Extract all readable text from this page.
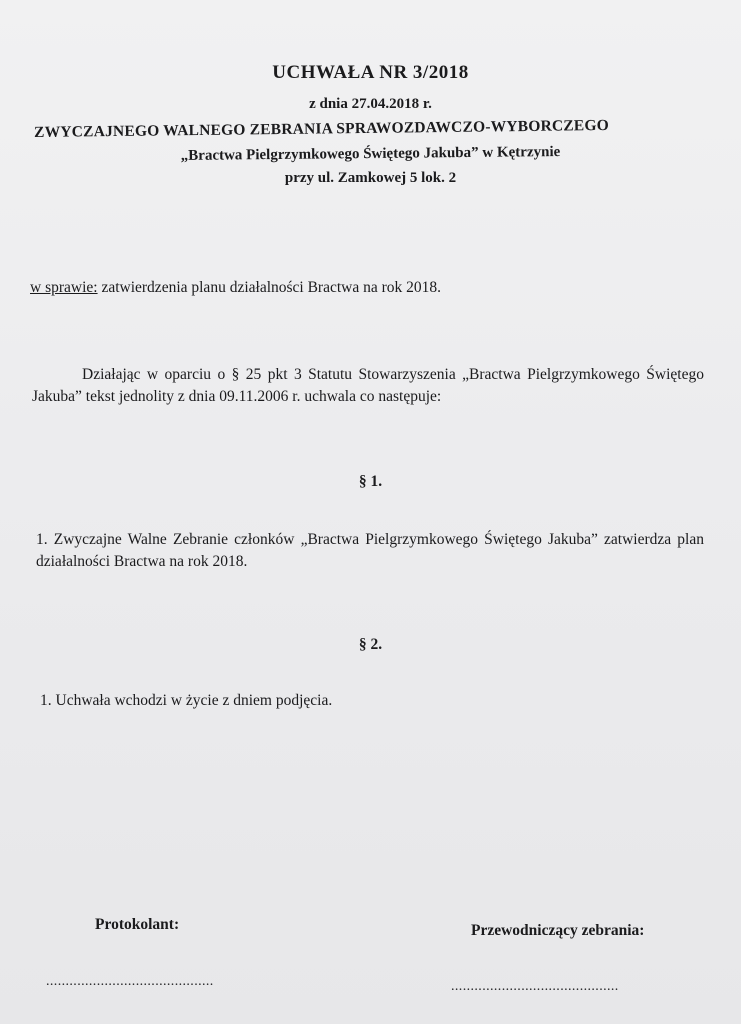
UCHWAŁA NR 3/2018
z dnia 27.04.2018 r.
ZWYCZAJNEGO WALNEGO ZEBRANIA SPRAWOZDAWCZO-WYBORCZEGO
„Bractwa Pielgrzymkowego Świętego Jakuba” w Kętrzynie
przy ul. Zamkowej 5 lok. 2
w sprawie: zatwierdzenia planu działalności Bractwa na rok 2018.
Działając w oparciu o § 25 pkt 3 Statutu Stowarzyszenia „Bractwa Pielgrzymkowego Świętego Jakuba” tekst jednolity z dnia 09.11.2006 r. uchwala co następuje:
§ 1.
1. Zwyczajne Walne Zebranie członków „Bractwa Pielgrzymkowego Świętego Jakuba” zatwierdza plan działalności Bractwa na rok 2018.
§ 2.
1. Uchwała wchodzi w życie z dniem podjęcia.
Protokolant:	Przewodniczący zebrania:
...........................................	...........................................
